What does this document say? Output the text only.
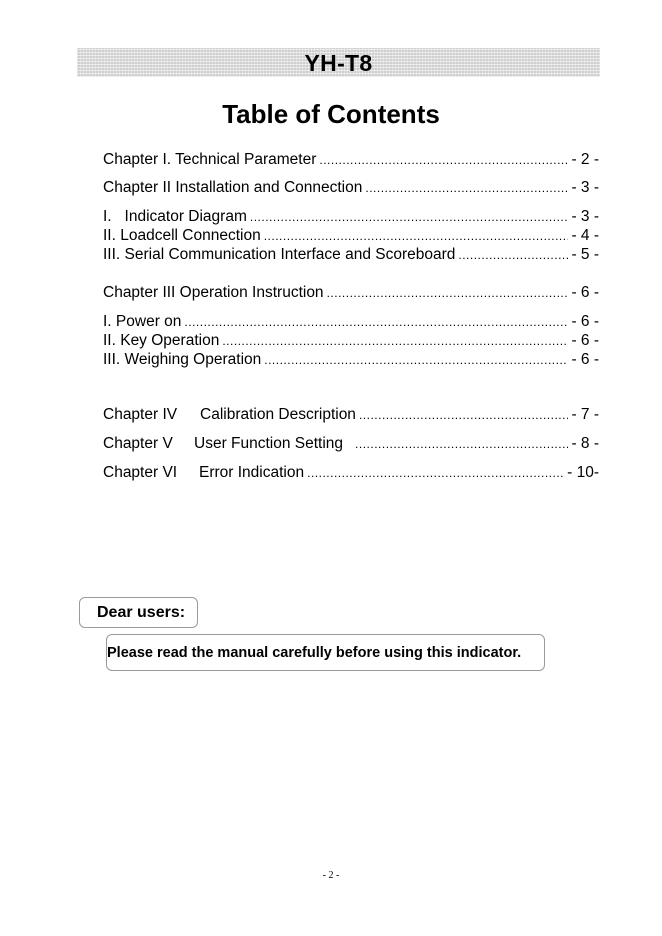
YH-T8
Table of Contents
Chapter I. Technical Parameter .....	- 2 -
Chapter II Installation and Connection .....	- 3 -
I.   Indicator Diagram .....	- 3 -
II. Loadcell Connection .....	- 4 -
III. Serial Communication Interface and Scoreboard .....	- 5 -
Chapter III Operation Instruction .....	- 6 -
I. Power on .....	- 6 -
II. Key Operation .....	- 6 -
III. Weighing Operation .....	- 6 -
Chapter IV Calibration Description .....	- 7 -
Chapter V User Function Setting .....	- 8 -
Chapter VI Error Indication .....	- 10-
Dear users:
Please read the manual carefully before using this indicator.
- 2 -
